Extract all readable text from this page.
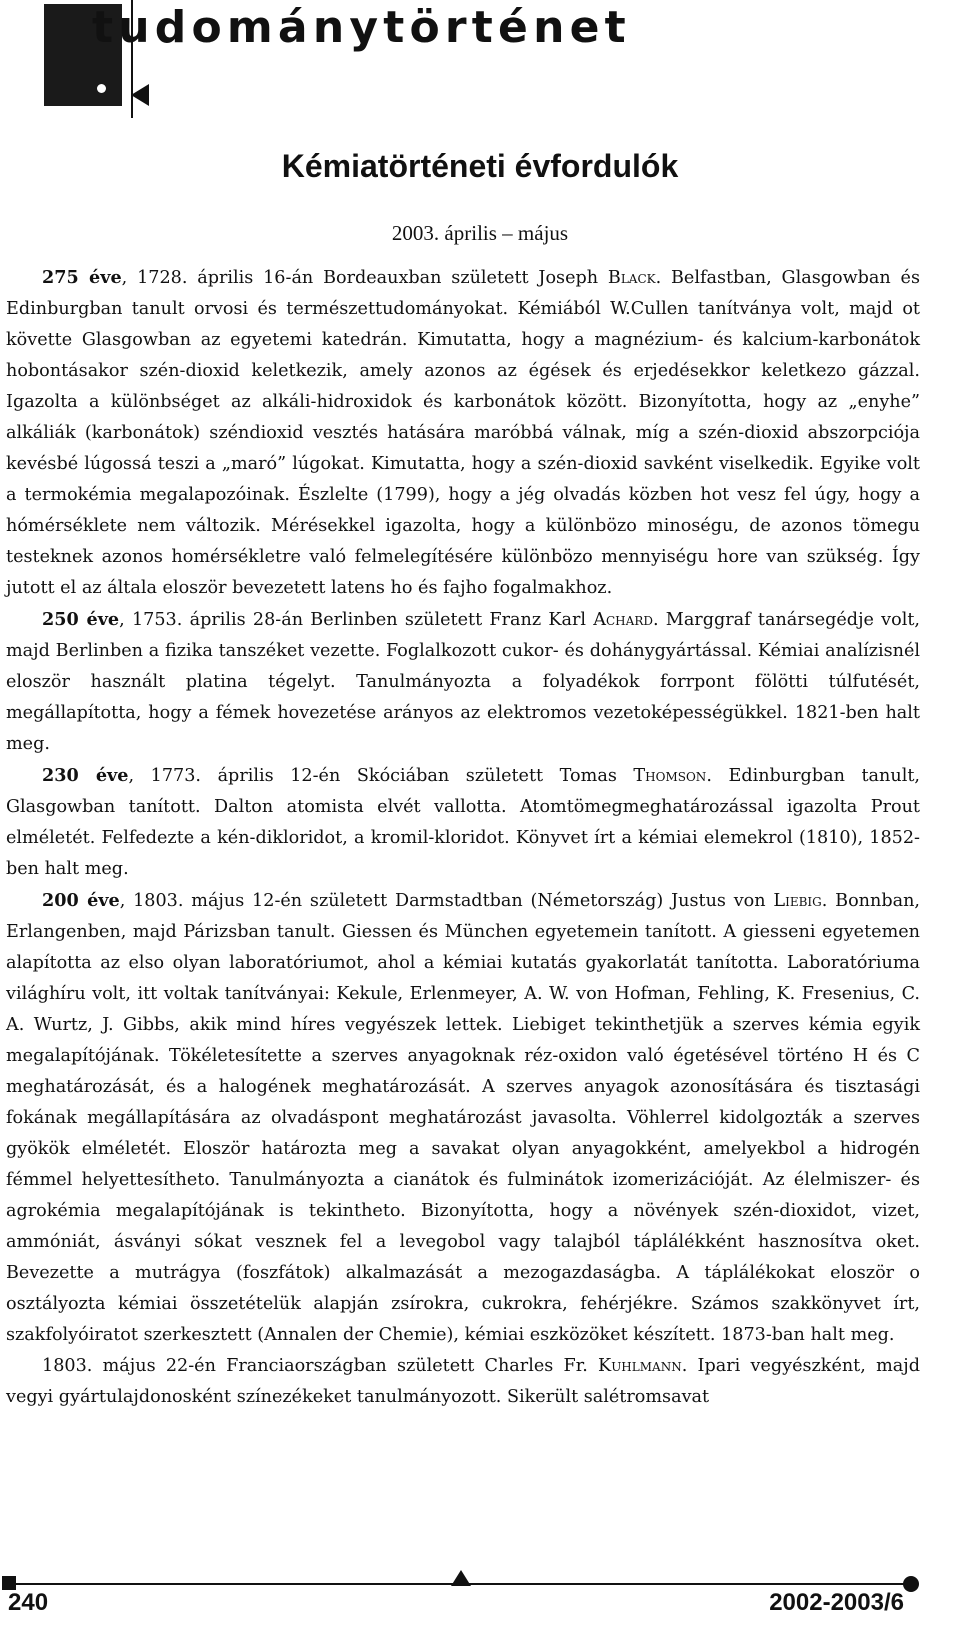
tudománytörténet
Kémiatörténeti évfordulók
2003. április – május

275 éve, 1728. április 16-án Bordeauxban született Joseph Black. Belfastban, Glasgowban és Edinburgban tanult orvosi és természettudományokat. Kémiából W.Cullen tanítványa volt, majd ot követte Glasgowban az egyetemi katedrán. Kimutatta, hogy a magnézium- és kalcium-karbonátok hobontásakor szén-dioxid keletkezik, amely azonos az égések és erjedésekkor keletkezo gázzal. Igazolta a különbséget az alkáli-hidroxidok és karbonátok között. Bizonyította, hogy az „enyhe” alkáliák (karbonátok) széndioxid vesztés hatására maróbbá válnak, míg a szén-dioxid abszorpciója kevésbé lúgossá teszi a „maró” lúgokat. Kimutatta, hogy a szén-dioxid savként viselkedik. Egyike volt a termokémia megalapozóinak. Észlelte (1799), hogy a jég olvadás közben hot vesz fel úgy, hogy a hómérséklete nem változik. Mérésekkel igazolta, hogy a különbözo minoségu, de azonos tömegu testeknek azonos homérsékletre való felmelegítésére különbözo mennyiségu hore van szükség. Így jutott el az általa eloször bevezetett latens ho és fajho fogalmakhoz.

250 éve, 1753. április 28-án Berlinben született Franz Karl Achard. Marggraf tanársegédje volt, majd Berlinben a fizika tanszéket vezette. Foglalkozott cukor- és dohánygyártással. Kémiai analízisnél eloször használt platina tégelyt. Tanulmányozta a folyadékok forrpont fölötti túlfutését, megállapította, hogy a fémek hovezetése arányos az elektromos vezetoképességükkel. 1821-ben halt meg.

230 éve, 1773. április 12-én Skóciában született Tomas Thomson. Edinburgban tanult, Glasgowban tanított. Dalton atomista elvét vallotta. Atomtömegmeghatározással igazolta Prout elméletét. Felfedezte a kén-dikloridot, a kromil-kloridot. Könyvet írt a kémiai elemekrol (1810), 1852-ben halt meg.

200 éve, 1803. május 12-én született Darmstadtban (Németország) Justus von Liebig. Bonnban, Erlangenben, majd Párizsban tanult. Giessen és München egyetemein tanított. A giesseni egyetemen alapította az elso olyan laboratóriumot, ahol a kémiai kutatás gyakorlatát tanította. Laboratóriuma világhíru volt, itt voltak tanítványai: Kekule, Erlenmeyer, A. W. von Hofman, Fehling, K. Fresenius, C. A. Wurtz, J. Gibbs, akik mind híres vegyészek lettek. Liebiget tekinthetjük a szerves kémia egyik megalapítójának. Tökéletesítette a szerves anyagoknak réz-oxidon való égetésével történo H és C meghatározását, és a halogének meghatározását. A szerves anyagok azonosítására és tisztasági fokának megállapítására az olvadáspont meghatározást javasolta. Vöhlerrel kidolgozták a szerves gyökök elméletét. Eloször határozta meg a savakat olyan anyagokként, amelyekbol a hidrogén fémmel helyettesítheto. Tanulmányozta a cianátok és fulminátok izomerizációját. Az élelmiszer- és agrokémia megalapítójának is tekintheto. Bizonyította, hogy a növények szén-dioxidot, vizet, ammóniát, ásványi sókat vesznek fel a levegobol vagy talajból táplálékként hasznosítva oket. Bevezette a mutrágya (foszfátok) alkalmazását a mezogazdaságba. A táplálékokat eloször o osztályozta kémiai összetételük alapján zsírokra, cukrokra, fehérjékre. Számos szakkönyvet írt, szakfolyóiratot szerkesztett (Annalen der Chemie), kémiai eszközöket készített. 1873-ban halt meg.

1803. május 22-én Franciaországban született Charles Fr. Kuhlmann. Ipari vegyészként, majd vegyi gyártulajdonosként színezékeket tanulmányozott. Sikerült salétromsavat

240	2002-2003/6
